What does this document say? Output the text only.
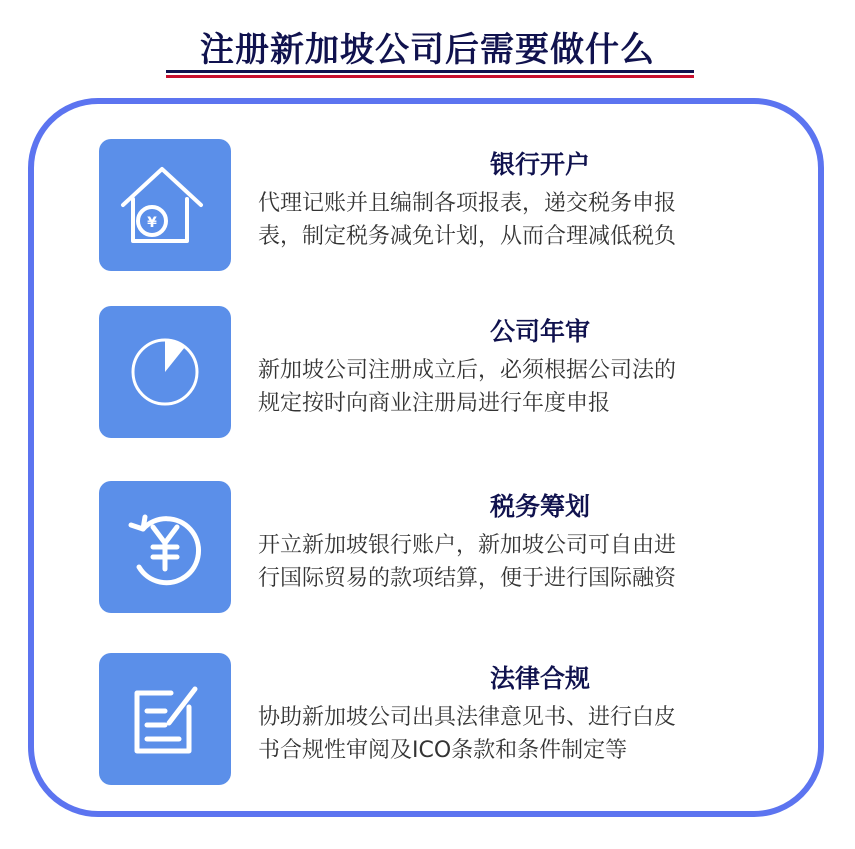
注册新加坡公司后需要做什么
¥
银行开户
代理记账并且编制各项报表，递交税务申报
表，制定税务减免计划，从而合理减低税负
公司年审
新加坡公司注册成立后，必须根据公司法的
规定按时向商业注册局进行年度申报
税务筹划
开立新加坡银行账户，新加坡公司可自由进
行国际贸易的款项结算，便于进行国际融资
法律合规
协助新加坡公司出具法律意见书、进行白皮
书合规性审阅及ICO条款和条件制定等
